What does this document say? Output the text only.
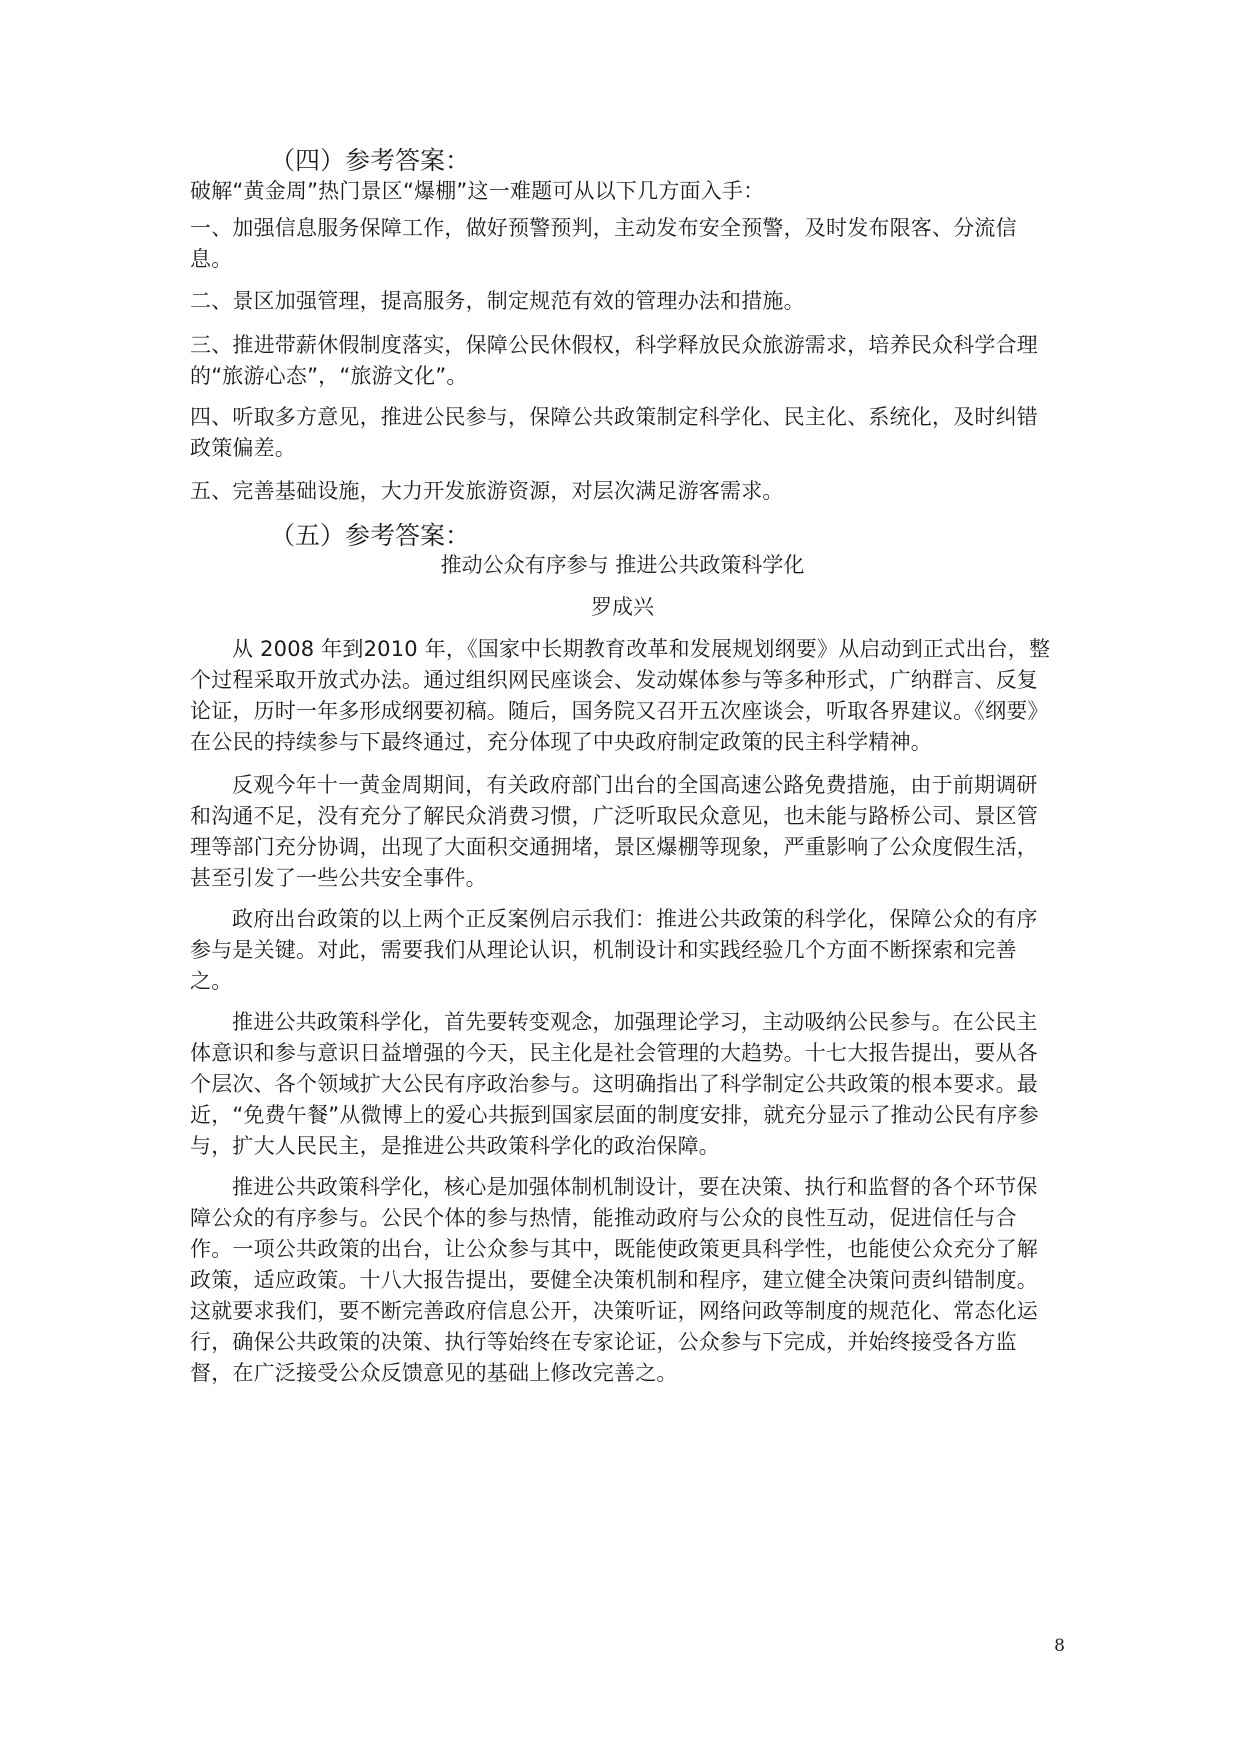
（四）参考答案：

破解“黄金周”热门景区“爆棚”这一难题可从以下几方面入手：

一、加强信息服务保障工作，做好预警预判，主动发布安全预警，及时发布限客、分流信息。

二、景区加强管理，提高服务，制定规范有效的管理办法和措施。

三、推进带薪休假制度落实，保障公民休假权，科学释放民众旅游需求，培养民众科学合理的“旅游心态”，“旅游文化”。

四、听取多方意见，推进公民参与，保障公共政策制定科学化、民主化、系统化，及时纠错政策偏差。

五、完善基础设施，大力开发旅游资源，对层次满足游客需求。

（五）参考答案：
推动公众有序参与 推进公共政策科学化

罗成兴

从 2008 年到2010 年，《国家中长期教育改革和发展规划纲要》从启动到正式出台，整个过程采取开放式办法。通过组织网民座谈会、发动媒体参与等多种形式，广纳群言、反复论证，历时一年多形成纲要初稿。随后，国务院又召开五次座谈会，听取各界建议。《纲要》在公民的持续参与下最终通过，充分体现了中央政府制定政策的民主科学精神。

反观今年十一黄金周期间，有关政府部门出台的全国高速公路免费措施，由于前期调研和沟通不足，没有充分了解民众消费习惯，广泛听取民众意见，也未能与路桥公司、景区管理等部门充分协调，出现了大面积交通拥堵，景区爆棚等现象，严重影响了公众度假生活，甚至引发了一些公共安全事件。

政府出台政策的以上两个正反案例启示我们：推进公共政策的科学化，保障公众的有序参与是关键。对此，需要我们从理论认识，机制设计和实践经验几个方面不断探索和完善之。

推进公共政策科学化，首先要转变观念，加强理论学习，主动吸纳公民参与。在公民主体意识和参与意识日益增强的今天，民主化是社会管理的大趋势。十七大报告提出，要从各个层次、各个领域扩大公民有序政治参与。这明确指出了科学制定公共政策的根本要求。最近，“免费午餐”从微博上的爱心共振到国家层面的制度安排，就充分显示了推动公民有序参与，扩大人民民主，是推进公共政策科学化的政治保障。

推进公共政策科学化，核心是加强体制机制设计，要在决策、执行和监督的各个环节保障公众的有序参与。公民个体的参与热情，能推动政府与公众的良性互动，促进信任与合作。一项公共政策的出台，让公众参与其中，既能使政策更具科学性，也能使公众充分了解政策，适应政策。十八大报告提出，要健全决策机制和程序，建立健全决策问责纠错制度。这就要求我们，要不断完善政府信息公开，决策听证，网络问政等制度的规范化、常态化运行，确保公共政策的决策、执行等始终在专家论证，公众参与下完成，并始终接受各方监督，在广泛接受公众反馈意见的基础上修改完善之。

8
